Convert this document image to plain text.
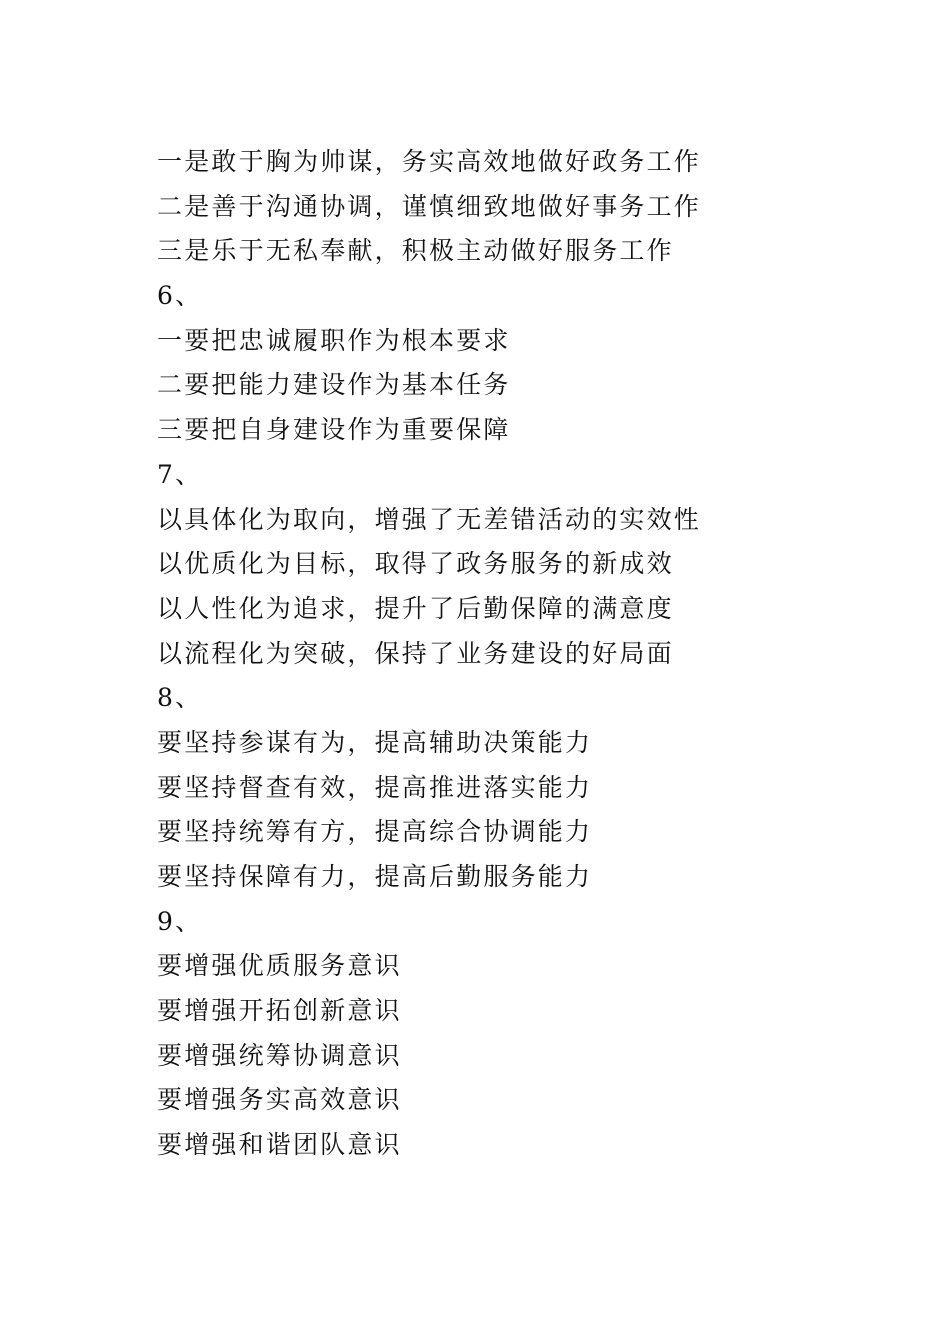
一是敢于胸为帅谋，务实高效地做好政务工作
二是善于沟通协调，谨慎细致地做好事务工作
三是乐于无私奉献，积极主动做好服务工作
6、
一要把忠诚履职作为根本要求
二要把能力建设作为基本任务
三要把自身建设作为重要保障
7、
以具体化为取向，增强了无差错活动的实效性
以优质化为目标，取得了政务服务的新成效
以人性化为追求，提升了后勤保障的满意度
以流程化为突破，保持了业务建设的好局面
8、
要坚持参谋有为，提高辅助决策能力
要坚持督查有效，提高推进落实能力
要坚持统筹有方，提高综合协调能力
要坚持保障有力，提高后勤服务能力
9、
要增强优质服务意识
要增强开拓创新意识
要增强统筹协调意识
要增强务实高效意识
要增强和谐团队意识
